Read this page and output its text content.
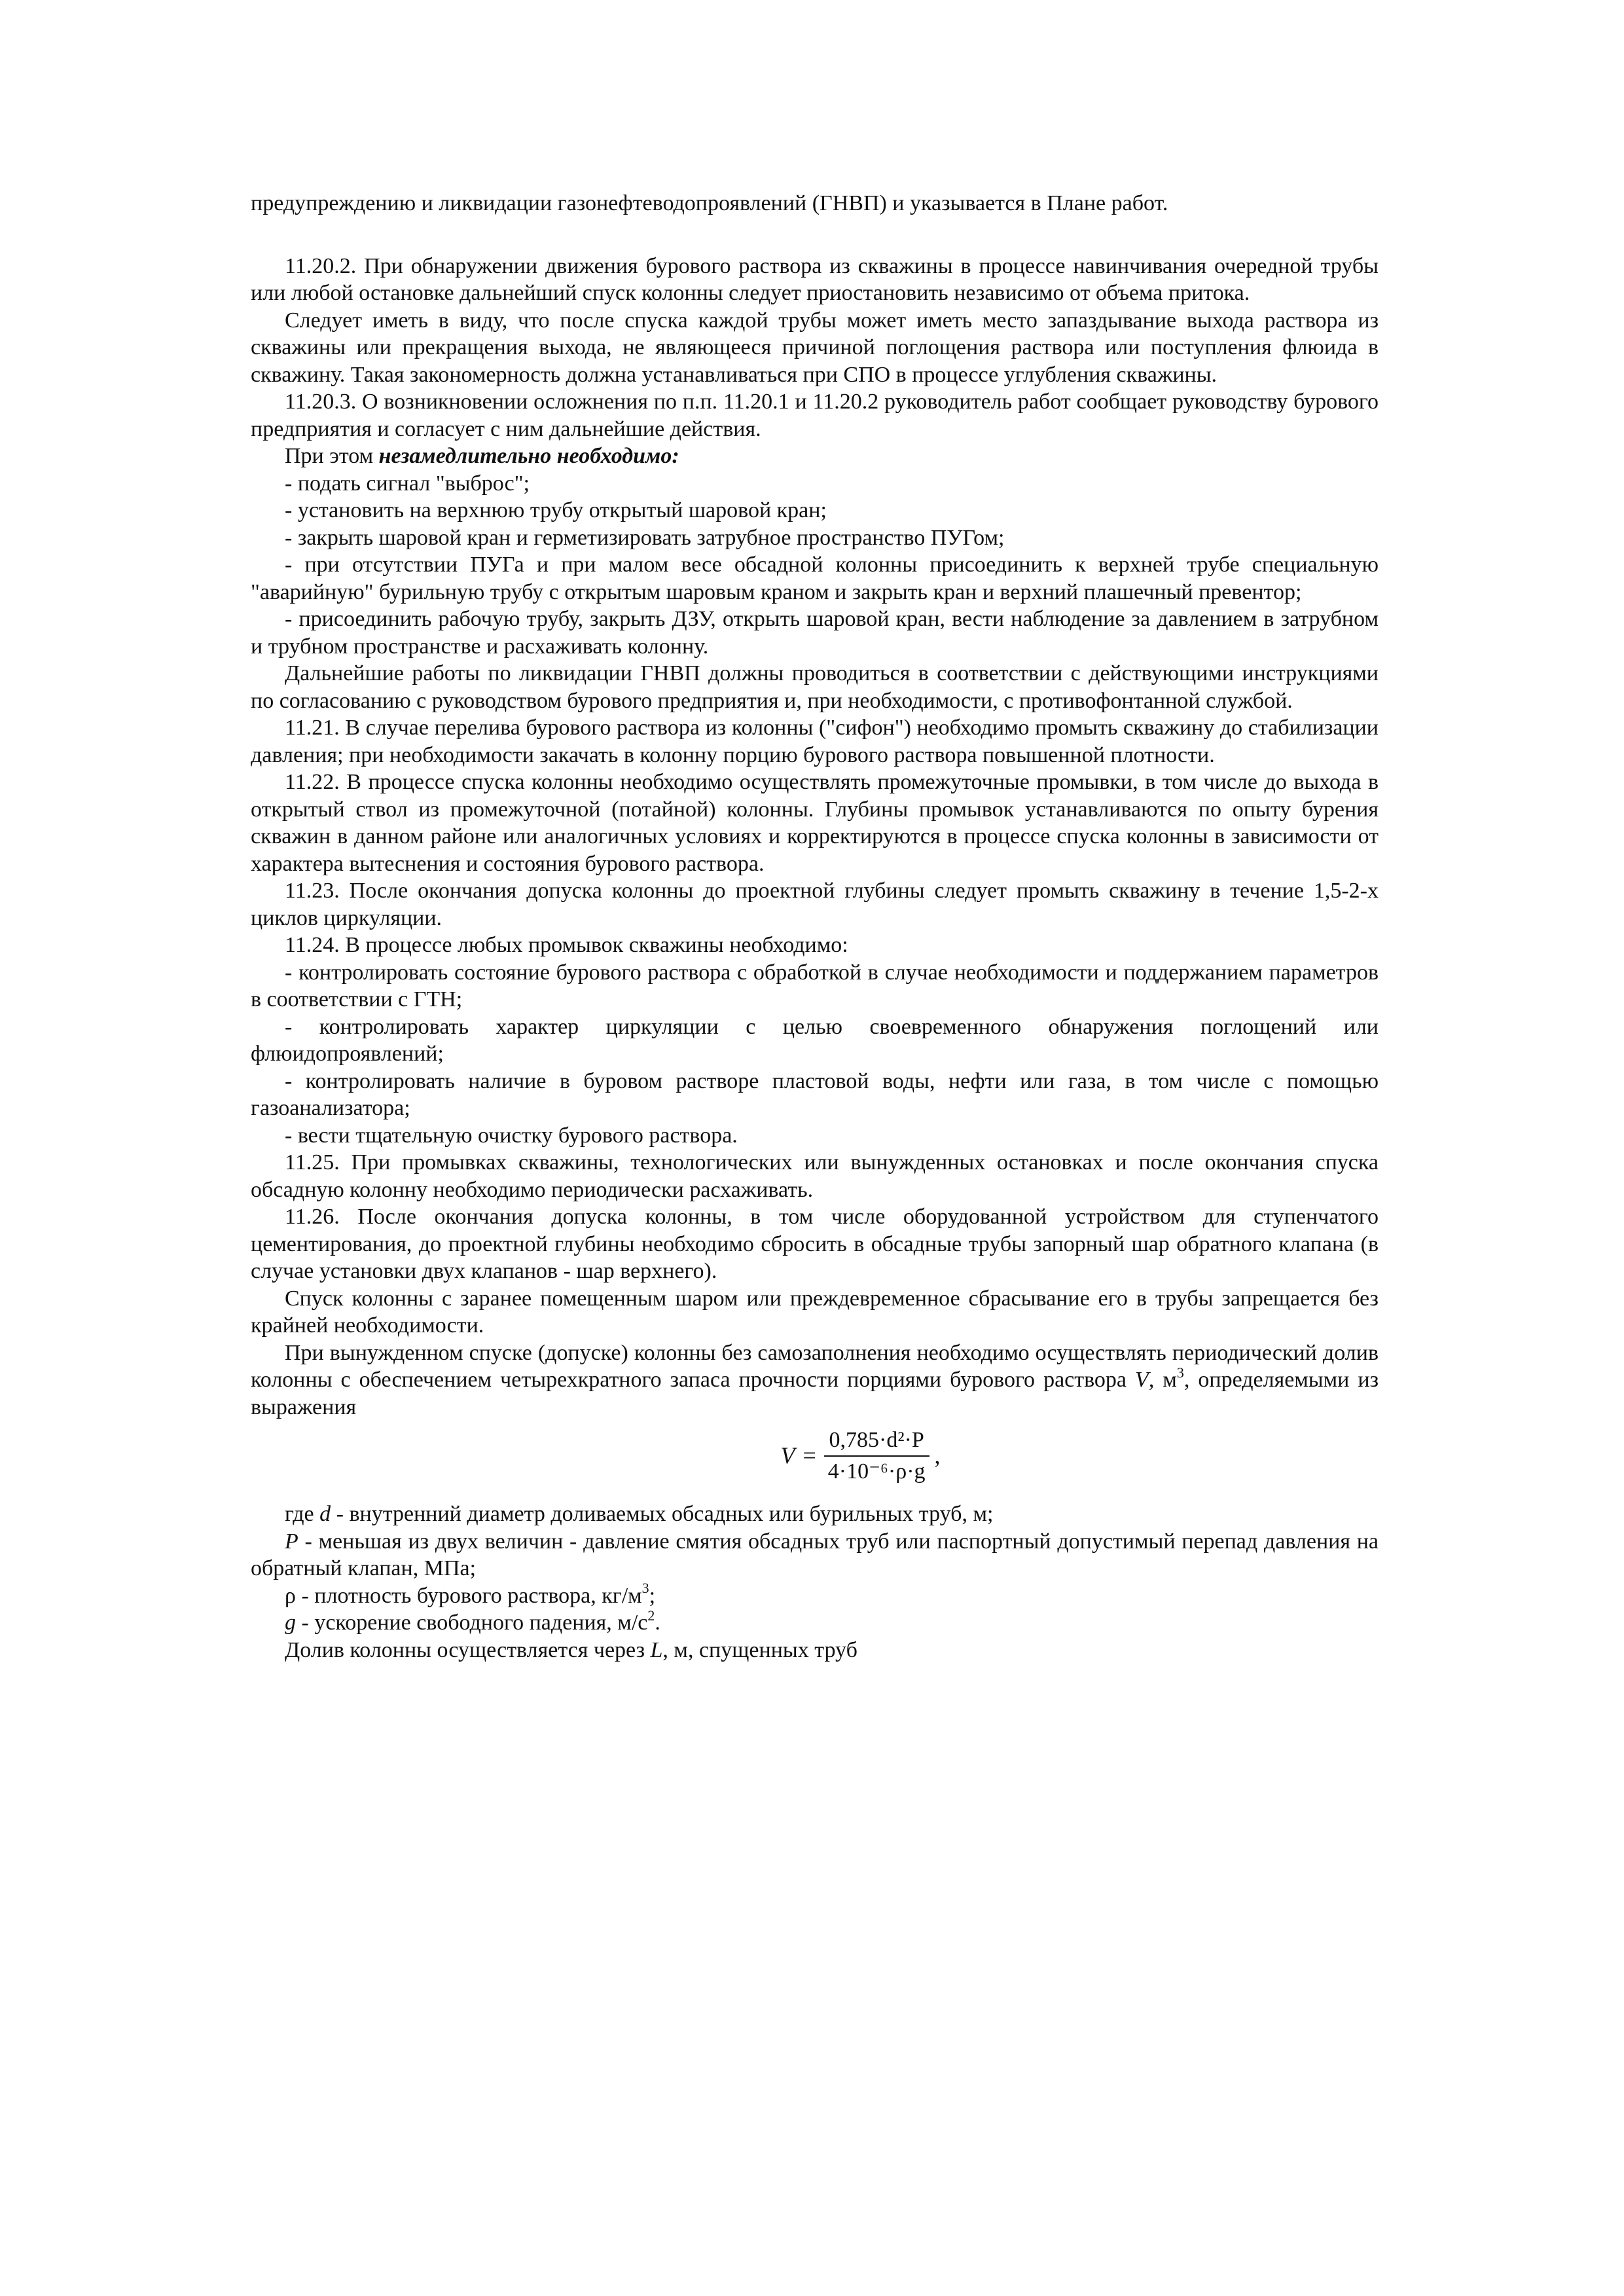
предупреждению и ликвидации газонефтеводопроявлений (ГНВП) и указывается в Плане работ.

11.20.2. При обнаружении движения бурового раствора из скважины в процессе навинчивания очередной трубы или любой остановке дальнейший спуск колонны следует приостановить независимо от объема притока.

Следует иметь в виду, что после спуска каждой трубы может иметь место запаздывание выхода раствора из скважины или прекращения выхода, не являющееся причиной поглощения раствора или поступления флюида в скважину. Такая закономерность должна устанавливаться при СПО в процессе углубления скважины.

11.20.3. О возникновении осложнения по п.п. 11.20.1 и 11.20.2 руководитель работ сообщает руководству бурового предприятия и согласует с ним дальнейшие действия.

При этом незамедлительно необходимо:

- подать сигнал "выброс";

- установить на верхнюю трубу открытый шаровой кран;

- закрыть шаровой кран и герметизировать затрубное пространство ПУГом;

- при отсутствии ПУГа и при малом весе обсадной колонны присоединить к верхней трубе специальную "аварийную" бурильную трубу с открытым шаровым краном и закрыть кран и верхний плашечный превентор;

- присоединить рабочую трубу, закрыть ДЗУ, открыть шаровой кран, вести наблюдение за давлением в затрубном и трубном пространстве и расхаживать колонну.

Дальнейшие работы по ликвидации ГНВП должны проводиться в соответствии с действующими инструкциями по согласованию с руководством бурового предприятия и, при необходимости, с противофонтанной службой.

11.21. В случае перелива бурового раствора из колонны ("сифон") необходимо промыть скважину до стабилизации давления; при необходимости закачать в колонну порцию бурового раствора повышенной плотности.

11.22. В процессе спуска колонны необходимо осуществлять промежуточные промывки, в том числе до выхода в открытый ствол из промежуточной (потайной) колонны. Глубины промывок устанавливаются по опыту бурения скважин в данном районе или аналогичных условиях и корректируются в процессе спуска колонны в зависимости от характера вытеснения и состояния бурового раствора.

11.23. После окончания допуска колонны до проектной глубины следует промыть скважину в течение 1,5-2-х циклов циркуляции.

11.24. В процессе любых промывок скважины необходимо:

- контролировать состояние бурового раствора с обработкой в случае необходимости и поддержанием параметров в соответствии с ГТН;

- контролировать характер циркуляции с целью своевременного обнаружения поглощений или флюидопроявлений;

- контролировать наличие в буровом растворе пластовой воды, нефти или газа, в том числе с помощью газоанализатора;

- вести тщательную очистку бурового раствора.

11.25. При промывках скважины, технологических или вынужденных остановках и после окончания спуска обсадную колонну необходимо периодически расхаживать.

11.26. После окончания допуска колонны, в том числе оборудованной устройством для ступенчатого цементирования, до проектной глубины необходимо сбросить в обсадные трубы запорный шар обратного клапана (в случае установки двух клапанов - шар верхнего).

Спуск колонны с заранее помещенным шаром или преждевременное сбрасывание его в трубы запрещается без крайней необходимости.

При вынужденном спуске (допуске) колонны без самозаполнения необходимо осуществлять периодический долив колонны с обеспечением четырехкратного запаса прочности порциями бурового раствора V, $м^3$, определяемыми из выражения

$V = \frac{\text{0,785·d²·P}}{\text{4·10⁻⁶·ρ·g}}$ ,

где d - внутренний диаметр доливаемых обсадных или бурильных труб, м;

P - меньшая из двух величин - давление смятия обсадных труб или паспортный допустимый перепад давления на обратный клапан, МПа;

ρ - плотность бурового раствора, $кг/м^3$;

g - ускорение свободного падения, $м/с^2$.

Долив колонны осуществляется через L, м, спущенных труб
